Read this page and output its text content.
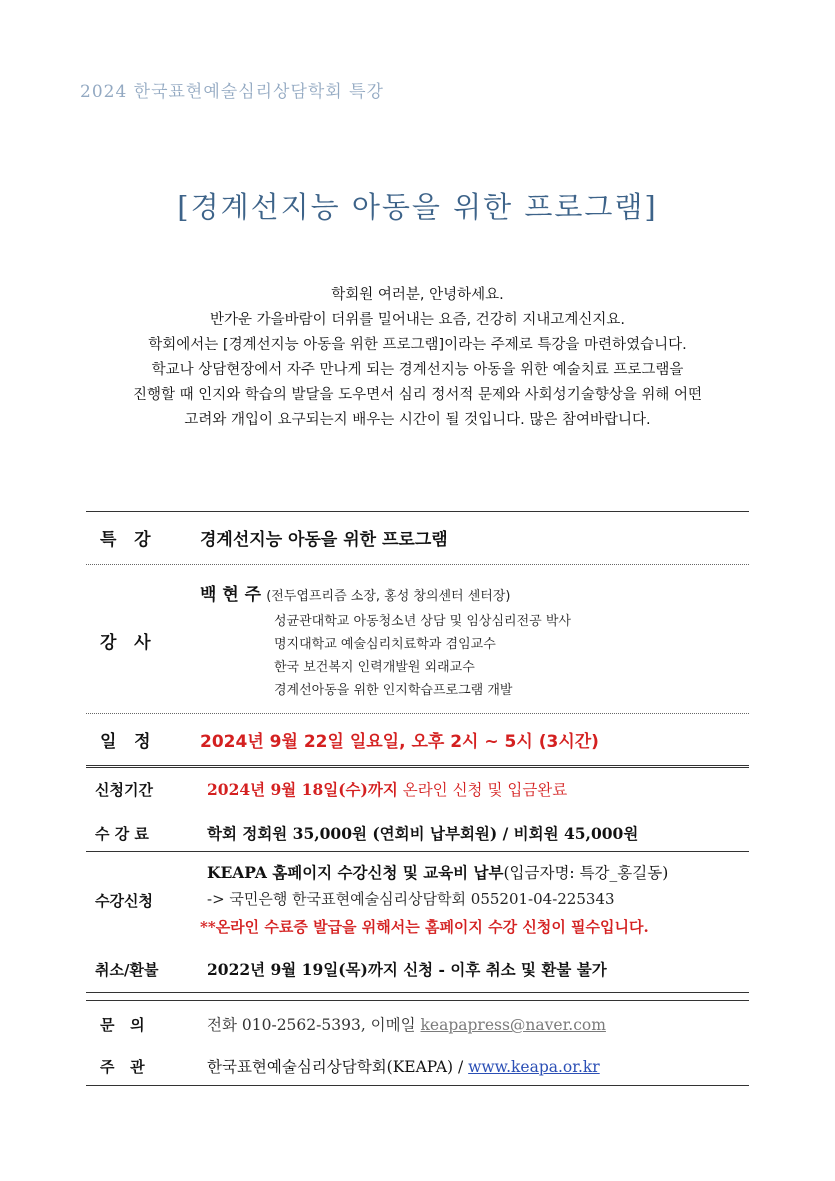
2024 한국표현예술심리상담학회 특강
[경계선지능 아동을 위한 프로그램]
학회원 여러분, 안녕하세요.
반가운 가을바람이 더위를 밀어내는 요즘, 건강히 지내고계신지요.
학회에서는 [경계선지능 아동을 위한 프로그램]이라는 주제로 특강을 마련하였습니다.
학교나 상담현장에서 자주 만나게 되는 경계선지능 아동을 위한 예술치료 프로그램을
진행할 때 인지와 학습의 발달을 도우면서 심리 정서적 문제와 사회성기술향상을 위해 어떤
고려와 개입이 요구되는지 배우는 시간이 될 것입니다. 많은 참여바랍니다.
특   강	경계선지능 아동을 위한 프로그램
강   사
백 현 주 (전두엽프리즘 소장, 홍성 창의센터 센터장)
성균관대학교 아동청소년 상담 및 임상심리전공 박사
명지대학교 예술심리치료학과 겸임교수
한국 보건복지 인력개발원 외래교수
경계선아동을 위한 인지학습프로그램 개발
일   정	2024년 9월 22일 일요일, 오후 2시 ~ 5시 (3시간)
신청기간	2024년 9월 18일(수)까지 온라인 신청 및 입금완료
수 강 료	학회 정회원 35,000원 (연회비 납부회원) / 비회원 45,000원
수강신청
KEAPA 홈페이지 수강신청 및 교육비 납부(입금자명: 특강_홍길동)
-> 국민은행 한국표현예술심리상담학회 055201-04-225343
**온라인 수료증 발급을 위해서는 홈페이지 수강 신청이 필수입니다.
취소/환불	2022년 9월 19일(목)까지 신청 - 이후 취소 및 환불 불가
문   의	전화 010-2562-5393, 이메일 keapapress@naver.com
주   관	한국표현예술심리상담학회(KEAPA) / www.keapa.or.kr
